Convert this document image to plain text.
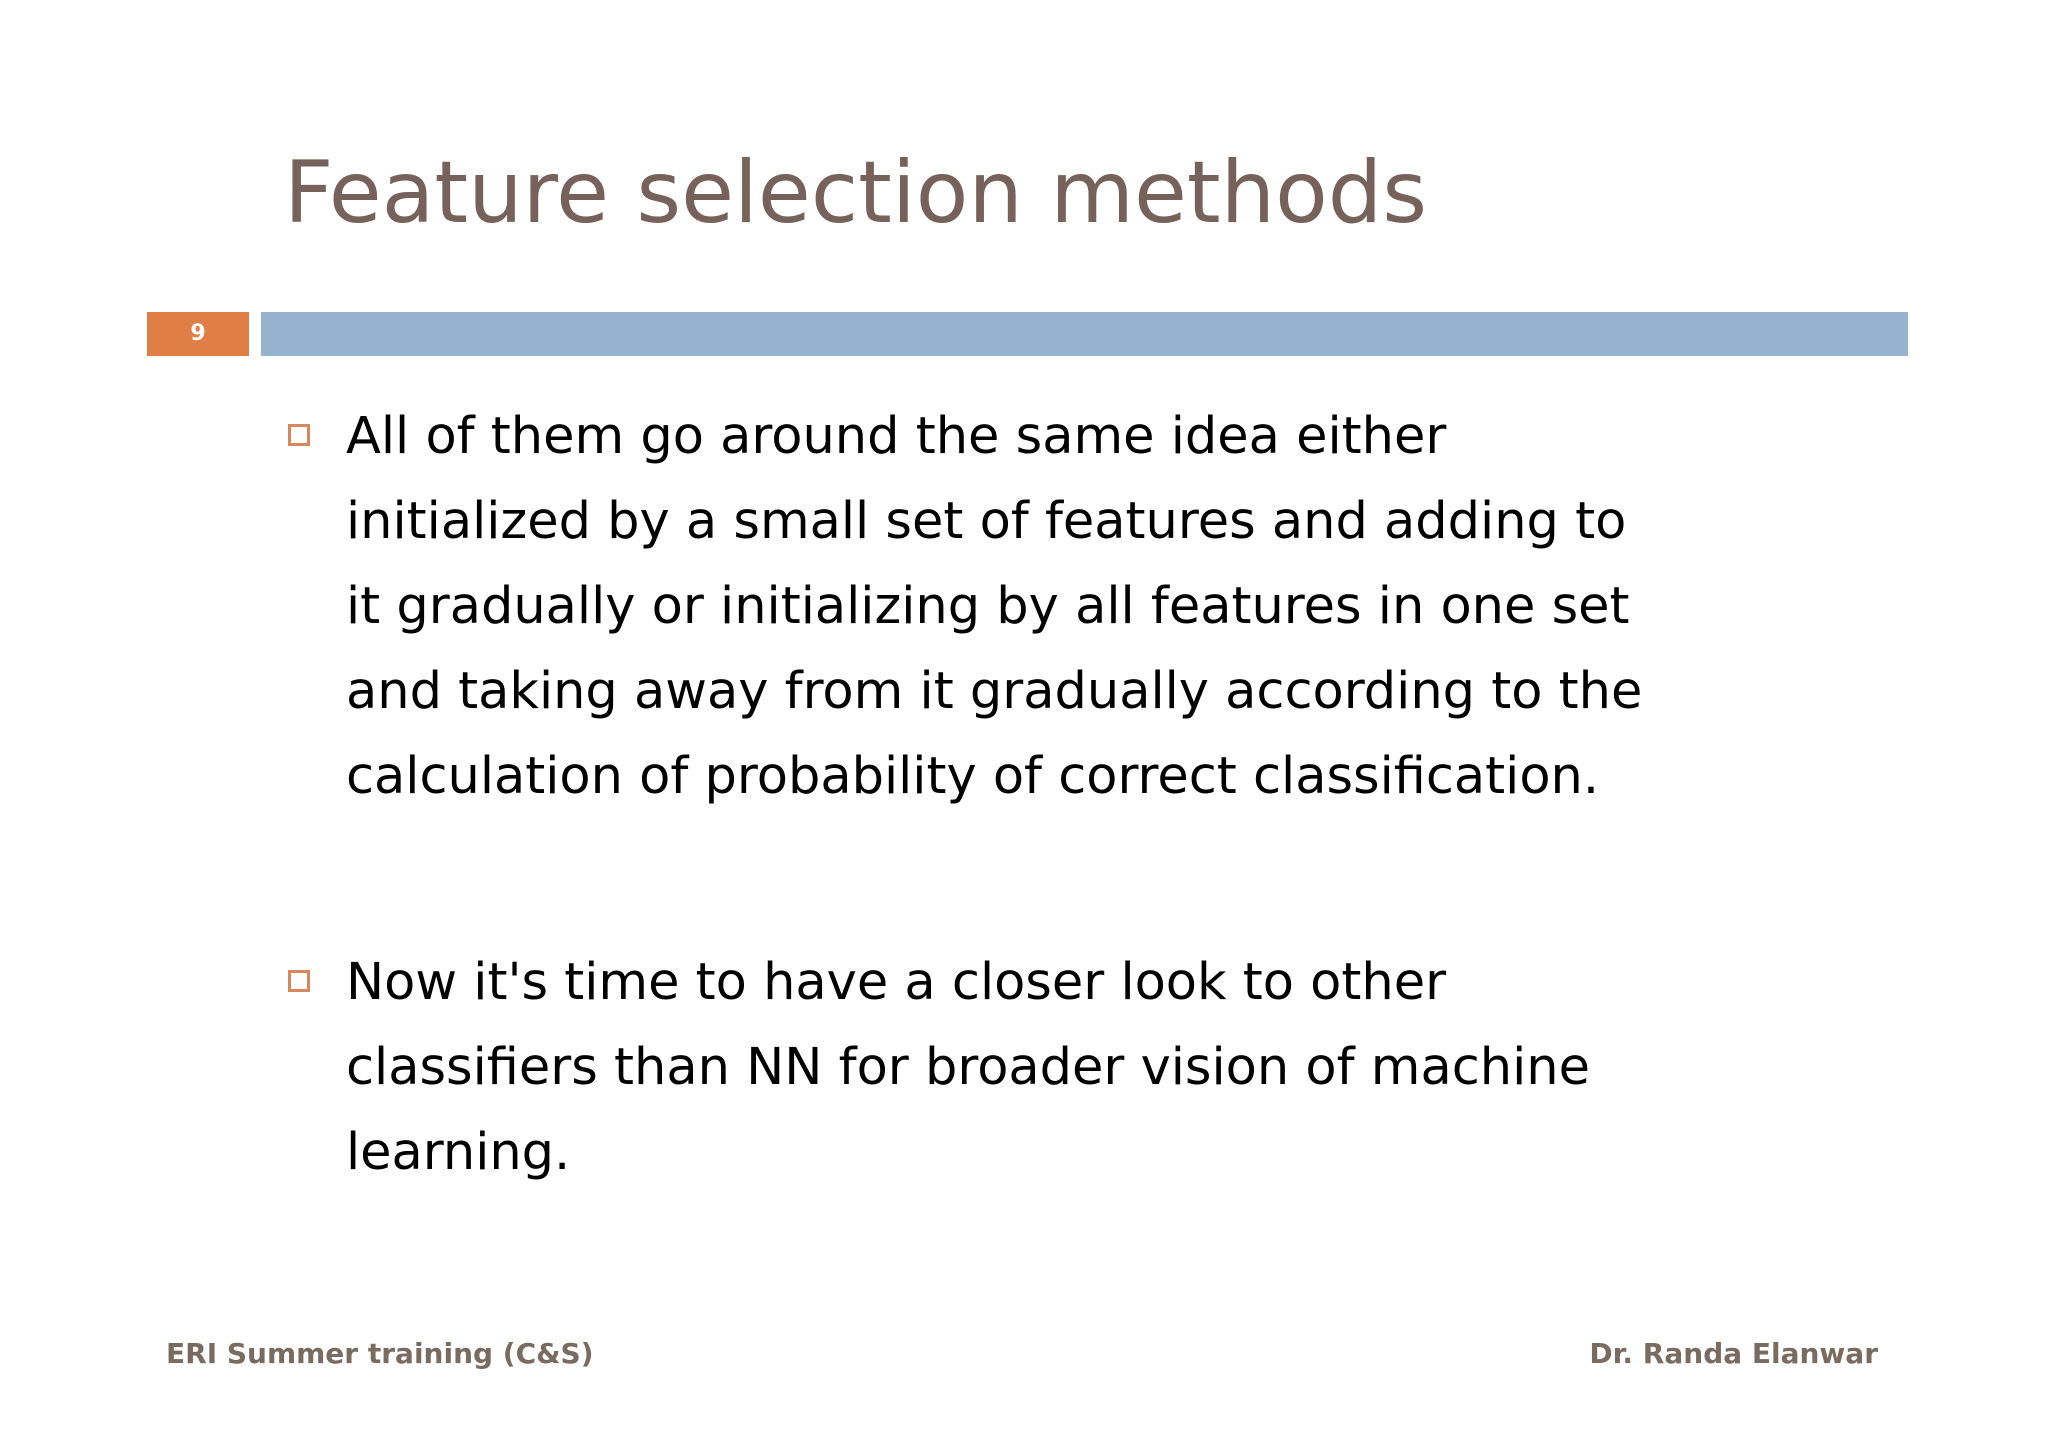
Feature selection methods
9

All of them go around the same idea either
initialized by a small set of features and adding to
it gradually or initializing by all features in one set
and taking away from it gradually according to the
calculation of probability of correct classification.

Now it's time to have a closer look to other
classifiers than NN for broader vision of machine
learning.

ERI Summer training (C&S)	Dr. Randa Elanwar
